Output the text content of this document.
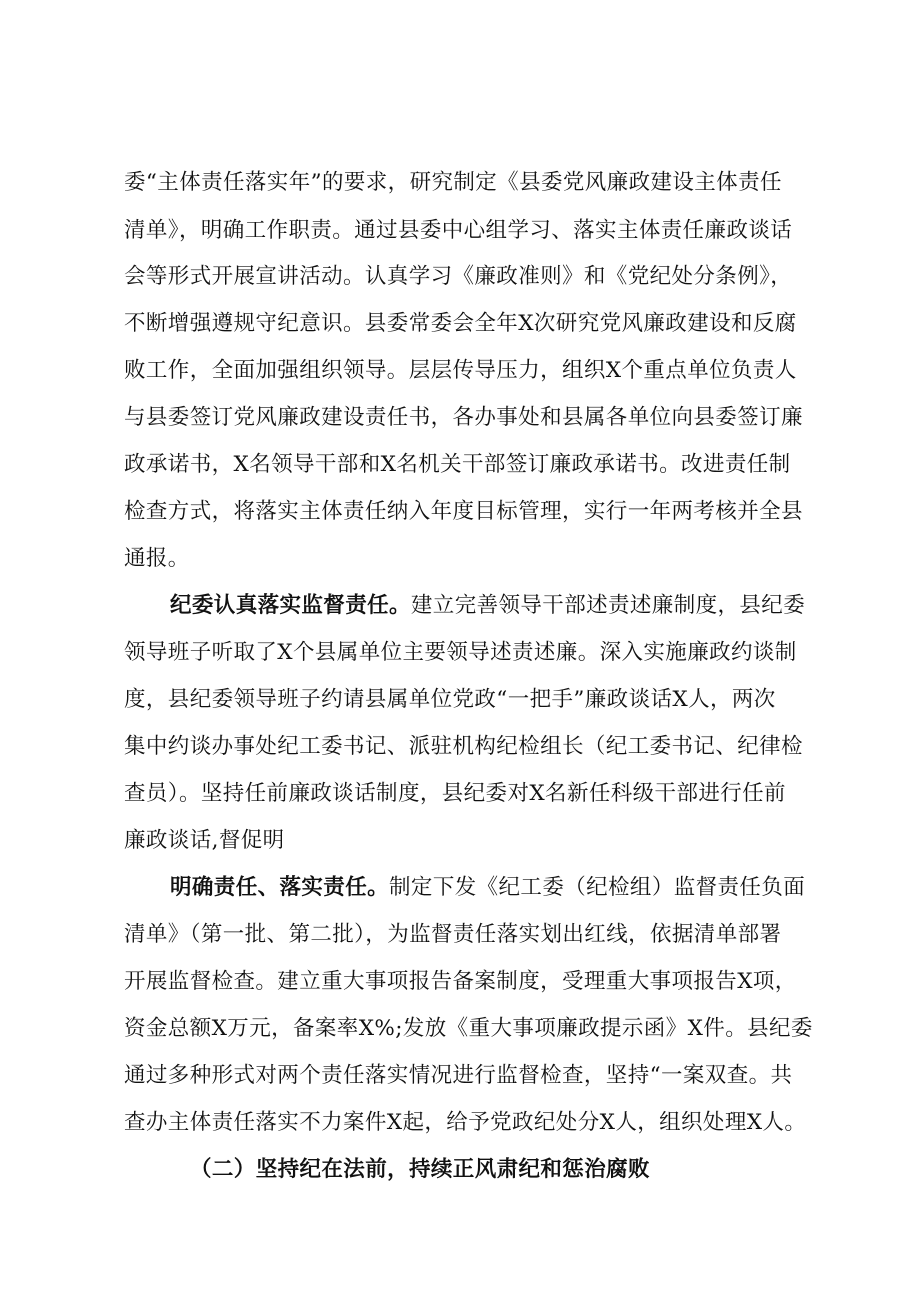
委“主体责任落实年”的要求，研究制定《县委党风廉政建设主体责任
清单》，明确工作职责。通过县委中心组学习、落实主体责任廉政谈话
会等形式开展宣讲活动。认真学习《廉政准则》和《党纪处分条例》，
不断增强遵规守纪意识。县委常委会全年X次研究党风廉政建设和反腐
败工作，全面加强组织领导。层层传导压力，组织X个重点单位负责人
与县委签订党风廉政建设责任书，各办事处和县属各单位向县委签订廉
政承诺书，X名领导干部和X名机关干部签订廉政承诺书。改进责任制
检查方式，将落实主体责任纳入年度目标管理，实行一年两考核并全县
通报。
纪委认真落实监督责任。建立完善领导干部述责述廉制度，县纪委
领导班子听取了X个县属单位主要领导述责述廉。深入实施廉政约谈制
度，县纪委领导班子约请县属单位党政“一把手”廉政谈话X人，两次
集中约谈办事处纪工委书记、派驻机构纪检组长（纪工委书记、纪律检
查员）。坚持任前廉政谈话制度，县纪委对X名新任科级干部进行任前
廉政谈话,督促明
明确责任、落实责任。制定下发《纪工委（纪检组）监督责任负面
清单》（第一批、第二批），为监督责任落实划出红线，依据清单部署
开展监督检查。建立重大事项报告备案制度，受理重大事项报告X项，
资金总额X万元，备案率X%;发放《重大事项廉政提示函》X件。县纪委
通过多种形式对两个责任落实情况进行监督检查，坚持“一案双查。共
查办主体责任落实不力案件X起，给予党政纪处分X人，组织处理X人。
（二）坚持纪在法前，持续正风肃纪和惩治腐败
